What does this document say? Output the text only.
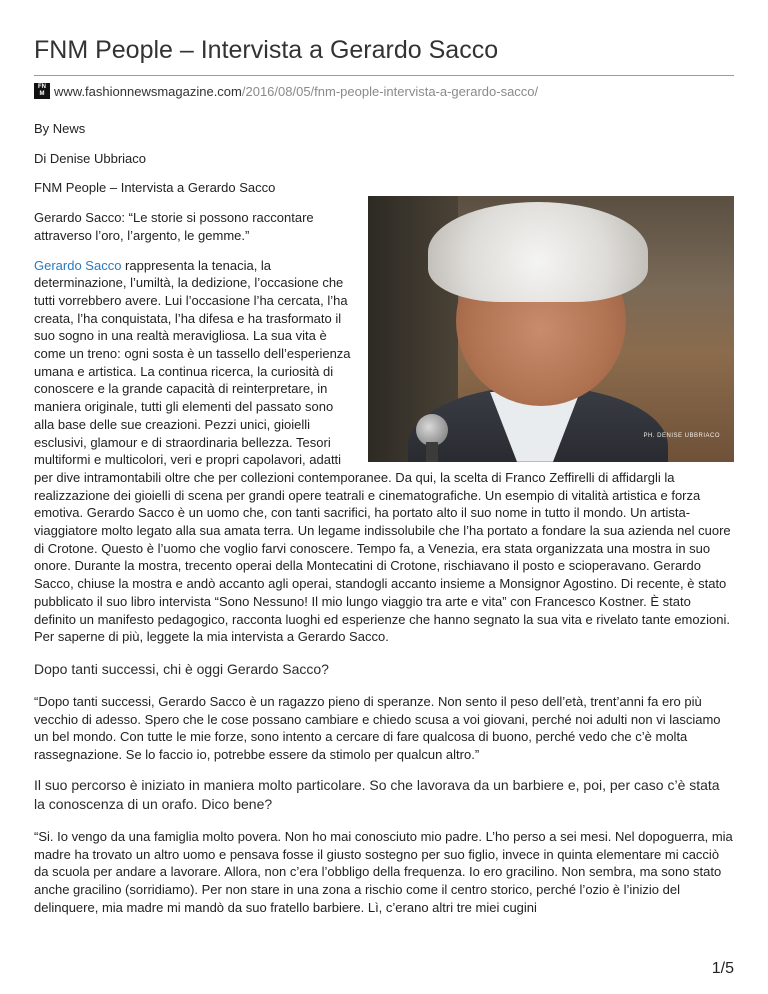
FNM People – Intervista a Gerardo Sacco
FN
M www.fashionnewsmagazine.com /2016/08/05/fnm-people-intervista-a-gerardo-sacco/

By News

PH. DENISE UBBRIACO

Di Denise Ubbriaco

FNM People – Intervista a Gerardo Sacco

Gerardo Sacco: “Le storie si possono raccontare attraverso l’oro, l’argento, le gemme.”

Gerardo Sacco rappresenta la tenacia, la determinazione, l’umiltà, la dedizione, l’occasione che tutti vorrebbero avere. Lui l’occasione l’ha cercata, l’ha creata, l’ha conquistata, l’ha difesa e ha trasformato il suo sogno in una realtà meravigliosa. La sua vita è come un treno: ogni sosta è un tassello dell’esperienza umana e artistica. La continua ricerca, la curiosità di conoscere e la grande capacità di reinterpretare, in maniera originale, tutti gli elementi del passato sono alla base delle sue creazioni. Pezzi unici, gioielli esclusivi, glamour e di straordinaria bellezza. Tesori multiformi e multicolori, veri e propri capolavori, adatti per dive intramontabili oltre che per collezioni contemporanee. Da qui, la scelta di Franco Zeffirelli di affidargli la realizzazione dei gioielli di scena per grandi opere teatrali e cinematografiche. Un esempio di vitalità artistica e forza emotiva. Gerardo Sacco è un uomo che, con tanti sacrifici, ha portato alto il suo nome in tutto il mondo. Un artista-viaggiatore molto legato alla sua amata terra. Un legame indissolubile che l’ha portato a fondare la sua azienda nel cuore di Crotone. Questo è l’uomo che voglio farvi conoscere. Tempo fa, a Venezia, era stata organizzata una mostra in suo onore. Durante la mostra, trecento operai della Montecatini di Crotone, rischiavano il posto e scioperavano. Gerardo Sacco, chiuse la mostra e andò accanto agli operai, standogli accanto insieme a Monsignor Agostino. Di recente, è stato pubblicato il suo libro intervista “Sono Nessuno! Il mio lungo viaggio tra arte e vita” con Francesco Kostner. È stato definito un manifesto pedagogico, racconta luoghi ed esperienze che hanno segnato la sua vita e rivelato tante emozioni. Per saperne di più, leggete la mia intervista a Gerardo Sacco.

Dopo tanti successi, chi è oggi Gerardo Sacco?

“Dopo tanti successi, Gerardo Sacco è un ragazzo pieno di speranze. Non sento il peso dell’età, trent’anni fa ero più vecchio di adesso. Spero che le cose possano cambiare e chiedo scusa a voi giovani, perché noi adulti non vi lasciamo un bel mondo. Con tutte le mie forze, sono intento a cercare di fare qualcosa di buono, perché vedo che c’è molta rassegnazione. Se lo faccio io, potrebbe essere da stimolo per qualcun altro.”

Il suo percorso è iniziato in maniera molto particolare. So che lavorava da un barbiere e, poi, per caso c’è stata la conoscenza di un orafo. Dico bene?

“Si. Io vengo da una famiglia molto povera. Non ho mai conosciuto mio padre. L’ho perso a sei mesi. Nel dopoguerra, mia madre ha trovato un altro uomo e pensava fosse il giusto sostegno per suo figlio, invece in quinta elementare mi cacciò da scuola per andare a lavorare. Allora, non c’era l’obbligo della frequenza. Io ero gracilino. Non sembra, ma sono stato anche gracilino (sorridiamo). Per non stare in una zona a rischio come il centro storico, perché l’ozio è l’inizio del delinquere, mia madre mi mandò da suo fratello barbiere. Lì, c’erano altri tre miei cugini

1/5
